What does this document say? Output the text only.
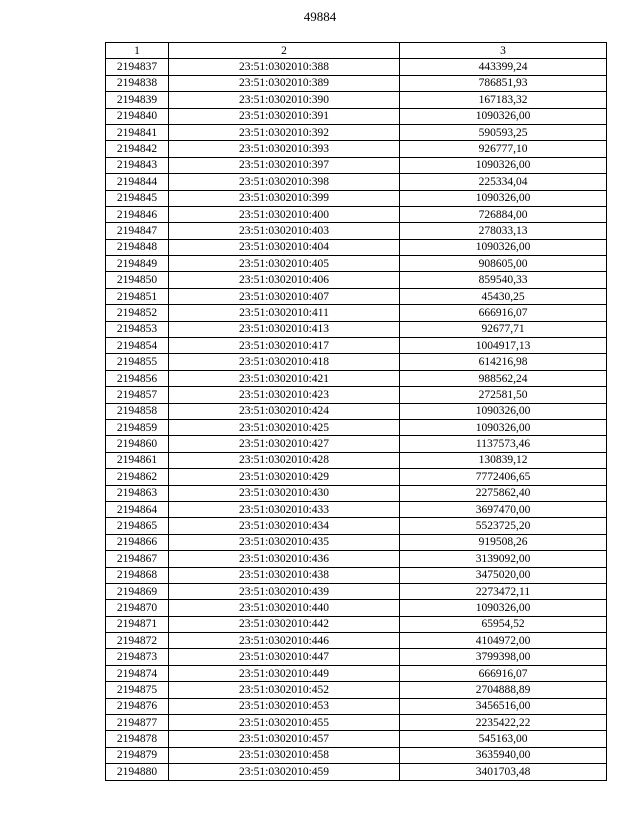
49884
1	2	3
2194837	23:51:0302010:388	443399,24
2194838	23:51:0302010:389	786851,93
2194839	23:51:0302010:390	167183,32
2194840	23:51:0302010:391	1090326,00
2194841	23:51:0302010:392	590593,25
2194842	23:51:0302010:393	926777,10
2194843	23:51:0302010:397	1090326,00
2194844	23:51:0302010:398	225334,04
2194845	23:51:0302010:399	1090326,00
2194846	23:51:0302010:400	726884,00
2194847	23:51:0302010:403	278033,13
2194848	23:51:0302010:404	1090326,00
2194849	23:51:0302010:405	908605,00
2194850	23:51:0302010:406	859540,33
2194851	23:51:0302010:407	45430,25
2194852	23:51:0302010:411	666916,07
2194853	23:51:0302010:413	92677,71
2194854	23:51:0302010:417	1004917,13
2194855	23:51:0302010:418	614216,98
2194856	23:51:0302010:421	988562,24
2194857	23:51:0302010:423	272581,50
2194858	23:51:0302010:424	1090326,00
2194859	23:51:0302010:425	1090326,00
2194860	23:51:0302010:427	1137573,46
2194861	23:51:0302010:428	130839,12
2194862	23:51:0302010:429	7772406,65
2194863	23:51:0302010:430	2275862,40
2194864	23:51:0302010:433	3697470,00
2194865	23:51:0302010:434	5523725,20
2194866	23:51:0302010:435	919508,26
2194867	23:51:0302010:436	3139092,00
2194868	23:51:0302010:438	3475020,00
2194869	23:51:0302010:439	2273472,11
2194870	23:51:0302010:440	1090326,00
2194871	23:51:0302010:442	65954,52
2194872	23:51:0302010:446	4104972,00
2194873	23:51:0302010:447	3799398,00
2194874	23:51:0302010:449	666916,07
2194875	23:51:0302010:452	2704888,89
2194876	23:51:0302010:453	3456516,00
2194877	23:51:0302010:455	2235422,22
2194878	23:51:0302010:457	545163,00
2194879	23:51:0302010:458	3635940,00
2194880	23:51:0302010:459	3401703,48
